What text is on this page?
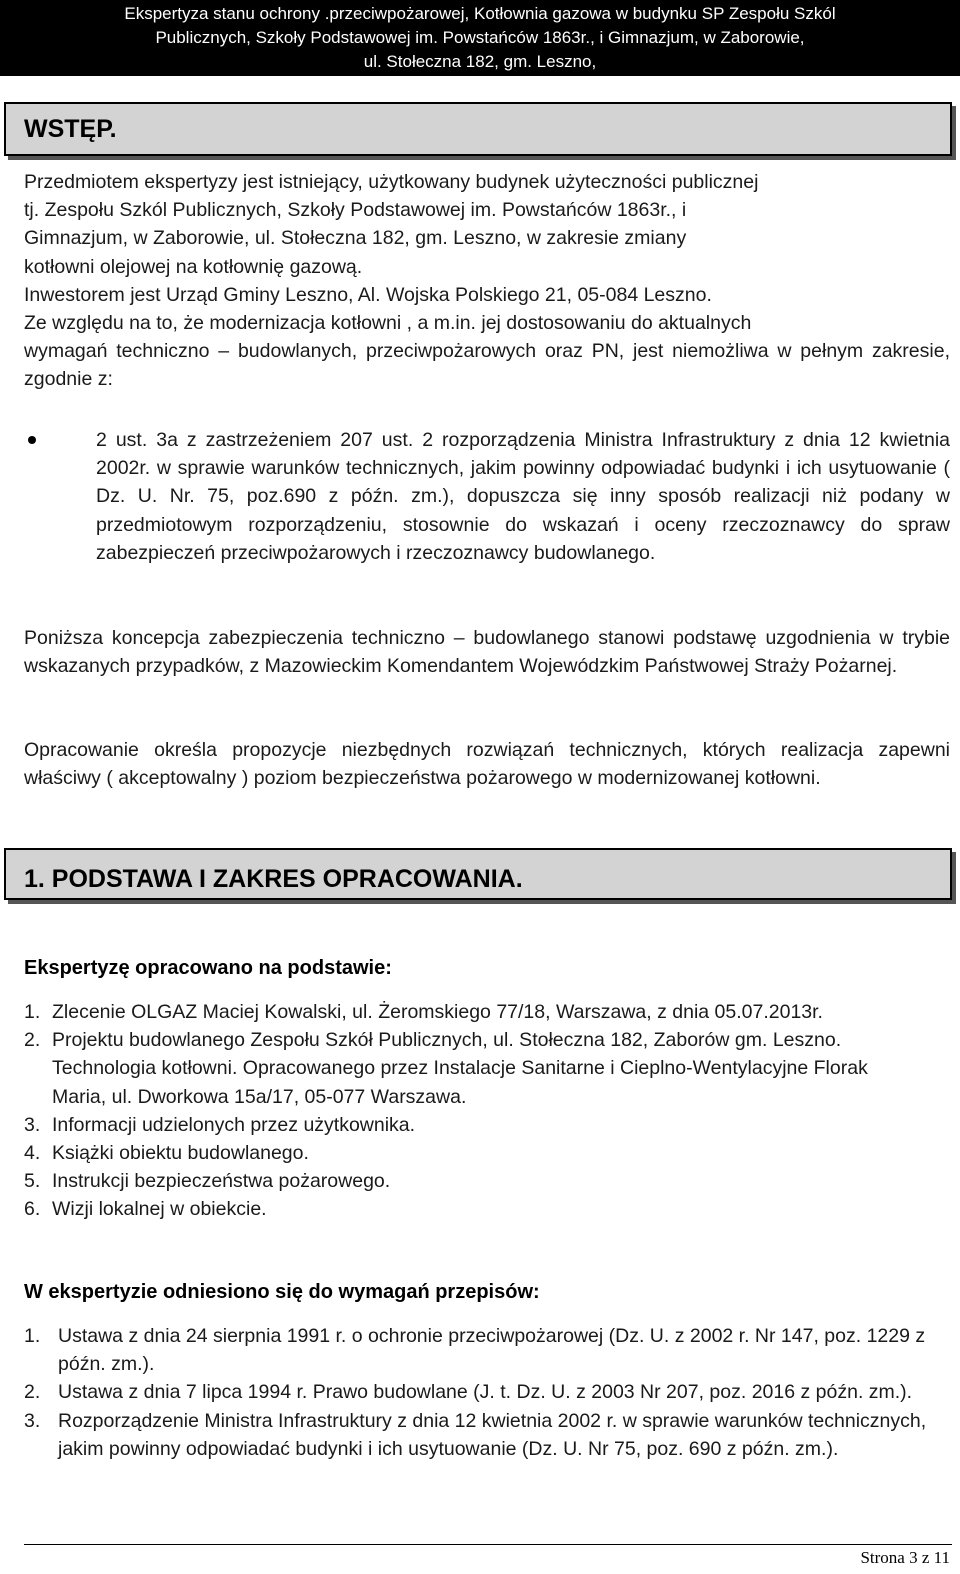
Ekspertyza stanu ochrony .przeciwpożarowej, Kotłownia gazowa w budynku SP Zespołu Szkól
Publicznych, Szkoły Podstawowej im. Powstańców 1863r., i Gimnazjum, w Zaborowie,
ul. Stołeczna 182, gm. Leszno,
WSTĘP.
Przedmiotem ekspertyzy jest istniejący, użytkowany budynek użyteczności publicznej
tj. Zespołu Szkól Publicznych, Szkoły Podstawowej im. Powstańców 1863r., i
Gimnazjum, w Zaborowie, ul. Stołeczna 182, gm. Leszno, w zakresie zmiany
kotłowni olejowej na kotłownię gazową.
Inwestorem jest Urząd Gminy Leszno, Al. Wojska Polskiego 21, 05-084 Leszno.
Ze względu na to, że modernizacja kotłowni , a m.in. jej dostosowaniu do aktualnych
wymagań techniczno – budowlanych, przeciwpożarowych oraz PN, jest niemożliwa w pełnym zakresie, zgodnie z:
2 ust. 3a z zastrzeżeniem 207 ust. 2 rozporządzenia Ministra Infrastruktury z dnia 12 kwietnia 2002r. w sprawie warunków technicznych, jakim powinny odpowiadać budynki i ich usytuowanie ( Dz. U. Nr. 75, poz.690 z późn. zm.), dopuszcza się inny sposób realizacji niż podany w przedmiotowym rozporządzeniu, stosownie do wskazań i oceny rzeczoznawcy do spraw zabezpieczeń przeciwpożarowych i rzeczoznawcy budowlanego.
Poniższa koncepcja zabezpieczenia techniczno – budowlanego stanowi podstawę uzgodnienia w trybie wskazanych przypadków, z Mazowieckim Komendantem Wojewódzkim Państwowej Straży Pożarnej.
Opracowanie określa propozycje niezbędnych rozwiązań technicznych, których realizacja zapewni właściwy ( akceptowalny ) poziom bezpieczeństwa pożarowego w modernizowanej kotłowni.
1. PODSTAWA I ZAKRES OPRACOWANIA.
Ekspertyzę opracowano na podstawie:
1. Zlecenie OLGAZ Maciej Kowalski, ul. Żeromskiego 77/18, Warszawa, z dnia 05.07.2013r.
2. Projektu budowlanego Zespołu Szkół Publicznych, ul. Stołeczna 182, Zaborów gm. Leszno. Technologia kotłowni. Opracowanego przez Instalacje Sanitarne i Cieplno-Wentylacyjne Florak Maria, ul. Dworkowa 15a/17, 05-077 Warszawa.
3. Informacji udzielonych przez użytkownika.
4. Książki obiektu budowlanego.
5. Instrukcji bezpieczeństwa pożarowego.
6. Wizji lokalnej w obiekcie.
W ekspertyzie odniesiono się do wymagań przepisów:
1. Ustawa z dnia 24 sierpnia 1991 r. o ochronie przeciwpożarowej (Dz. U. z 2002 r. Nr 147, poz. 1229 z późn. zm.).
2. Ustawa z dnia 7 lipca 1994 r. Prawo budowlane (J. t. Dz. U. z 2003 Nr 207, poz. 2016 z późn. zm.).
3. Rozporządzenie Ministra Infrastruktury z dnia 12 kwietnia 2002 r. w sprawie warunków technicznych, jakim powinny odpowiadać budynki i ich usytuowanie (Dz. U. Nr 75, poz. 690 z późn. zm.).
Strona 3 z 11
